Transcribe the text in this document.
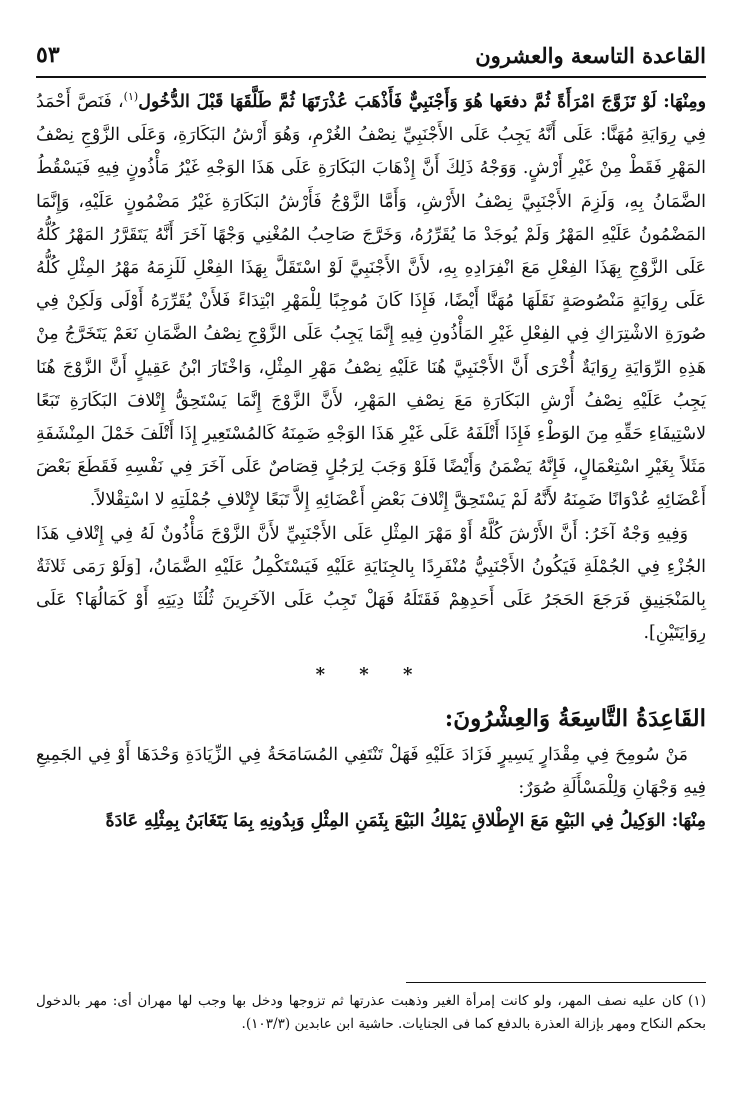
القاعدة التاسعة والعشرون
٥٣

ومِنْهَا: لَوْ تَزَوَّجَ امْرَأَةً ثُمَّ دفعَها هُوَ وَأَجْنَبِيٌّ فَأَذْهَبَ عُذْرَتَهَا ثُمَّ طَلَّقَهَا قَبْلَ الدُّخُول$^{(١)}$، فَنَصَّ أَحْمَدُ فِي رِوَايَةِ مُهَنَّا: عَلَى أَنَّهُ يَجِبُ عَلَى الأَجْنَبِيِّ نِصْفُ الغُرْمِ، وَهُوَ أَرْشُ البَكَارَةِ، وَعَلَى الزَّوْجِ نِصْفُ المَهْرِ فَقَطْ مِنْ غَيْرِ أَرْشٍ. وَوَجْهُ ذَلِكَ أَنَّ إِذْهَابَ البَكَارَةِ عَلَى هَذَا الوَجْهِ غَيْرُ مَأْذُونٍ فِيهِ فَيَسْقُطُ الضَّمَانُ بِهِ، وَلَزِمَ الأَجْنَبِيَّ نِصْفُ الأَرْشِ، وَأَمَّا الزَّوْجُ فَأَرْشُ البَكَارَةِ غَيْرُ مَضْمُونٍ عَلَيْهِ، وَإِنَّمَا المَضْمُونُ عَلَيْهِ المَهْرُ وَلَمْ يُوجَدْ مَا يُقَرِّرُهُ، وَخَرَّجَ صَاحِبُ المُغْنِي وَجْهًا آخَرَ أَنَّهُ يَتَقَرَّرُ المَهْرُ كُلُّهُ عَلَى الزَّوْجِ بِهَذَا الفِعْلِ مَعَ انْفِرَادِهِ بِهِ، لأَنَّ الأَجْنَبِيَّ لَوْ اسْتَقَلَّ بِهَذَا الفِعْلِ لَلَزِمَهُ مَهْرُ المِثْلِ كُلُّهُ عَلَى رِوَايَةٍ مَنْصُوصَةٍ نَقَلَهَا مُهَنَّا أَيْضًا، فَإِذَا كَانَ مُوجِبًا لِلْمَهْرِ ابْتِدَاءً فَلأَنْ يُقَرِّرَهُ أَوْلَى وَلَكِنْ فِي صُورَةِ الاشْتِرَاكِ فِي الفِعْلِ غَيْرِ المَأْذُونِ فِيهِ إِنَّمَا يَجِبُ عَلَى الزَّوْجِ نِصْفُ الضَّمَانِ نَعَمْ يَتَخَرَّجُ مِنْ هَذِهِ الرِّوَايَةِ رِوَايَةٌ أُخْرَى أَنَّ الأَجْنَبِيَّ هُنَا عَلَيْهِ نِصْفُ مَهْرِ المِثْلِ، وَاخْتَارَ ابْنُ عَقِيلٍ أَنَّ الزَّوْجَ هُنَا يَجِبُ عَلَيْهِ نِصْفُ أَرْشِ البَكَارَةِ مَعَ نِصْفِ المَهْرِ، لأَنَّ الزَّوْجَ إِنَّمَا يَسْتَحِقُّ إِتْلافَ البَكَارَةِ تَبَعًا لاسْتِيفَاءِ حَقِّهِ مِنَ الوَطْءِ فَإِذَا أَتْلَفَهُ عَلَى غَيْرِ هَذَا الوَجْهِ ضَمِنَهُ كَالمُسْتَعِيرِ إِذَا أَتْلَفَ خَمْلَ المِنْشَفَةِ مَثَلاً بِغَيْرِ اسْتِعْمَالٍ، فَإِنَّهُ يَضْمَنُ وَأَيْضًا فَلَوْ وَجَبَ لِرَجُلٍ قِصَاصٌ عَلَى آخَرَ فِي نَفْسِهِ فَقَطَعَ بَعْضَ أَعْضَائِهِ عُدْوَانًا ضَمِنَهُ لأَنَّهُ لَمْ يَسْتَحِقَّ إِتْلافَ بَعْضِ أَعْضَائِهِ إِلاَّ تَبَعًا لإِتْلافِ جُمْلَتِهِ لا اسْتِقْلالاً.

وَفِيهِ وَجْهٌ آخَرُ: أَنَّ الأَرْشَ كُلَّهُ أَوْ مَهْرَ المِثْلِ عَلَى الأَجْنَبِيِّ لأَنَّ الزَّوْجَ مَأْذُونٌ لَهُ فِي إِتْلافِ هَذَا الجُزْءِ فِي الجُمْلَةِ فَيَكُونُ الأَجْنَبِيُّ مُنْفَرِدًا بِالجِنَايَةِ عَلَيْهِ فَيَسْتَكْمِلُ عَلَيْهِ الضَّمَانُ، [وَلَوْ رَمَى ثَلاثَةٌ بِالمَنْجَنِيقِ فَرَجَعَ الحَجَرُ عَلَى أَحَدِهِمْ فَقَتَلَهُ فَهَلْ تَجِبُ عَلَى الآخَرِينَ ثُلُثَا دِيَتِهِ أَوْ كَمَالُهَا؟ عَلَى رِوَايَتَيْنِ].

* * *
القَاعِدَةُ التَّاسِعَةُ وَالعِشْرُونَ:

مَنْ سُومِحَ فِي مِقْدَارٍ يَسِيرٍ فَزَادَ عَلَيْهِ فَهَلْ تَنْتَفِي المُسَامَحَةُ فِي الزِّيَادَةِ وَحْدَهَا أَوْ فِي الجَمِيعِ فِيهِ وَجْهَانِ وَلِلْمَسْأَلَةِ صُوَرٌ:

مِنْهَا: الوَكِيلُ فِي البَيْعِ مَعَ الإِطْلاقِ يَمْلِكُ البَيْعَ بِثَمَنِ المِثْلِ وَبِدُونِهِ بِمَا يَتَغَابَنُ بِمِثْلِهِ عَادَةً

(١) كان عليه نصف المهر، ولو كانت إمرأة الغير وذهبت عذرتها ثم تزوجها ودخل بها وجب لها مهران أى: مهر بالدخول بحكم النكاح ومهر بإزالة العذرة بالدفع كما فى الجنايات. حاشية ابن عابدين (١٠٣/٣).
